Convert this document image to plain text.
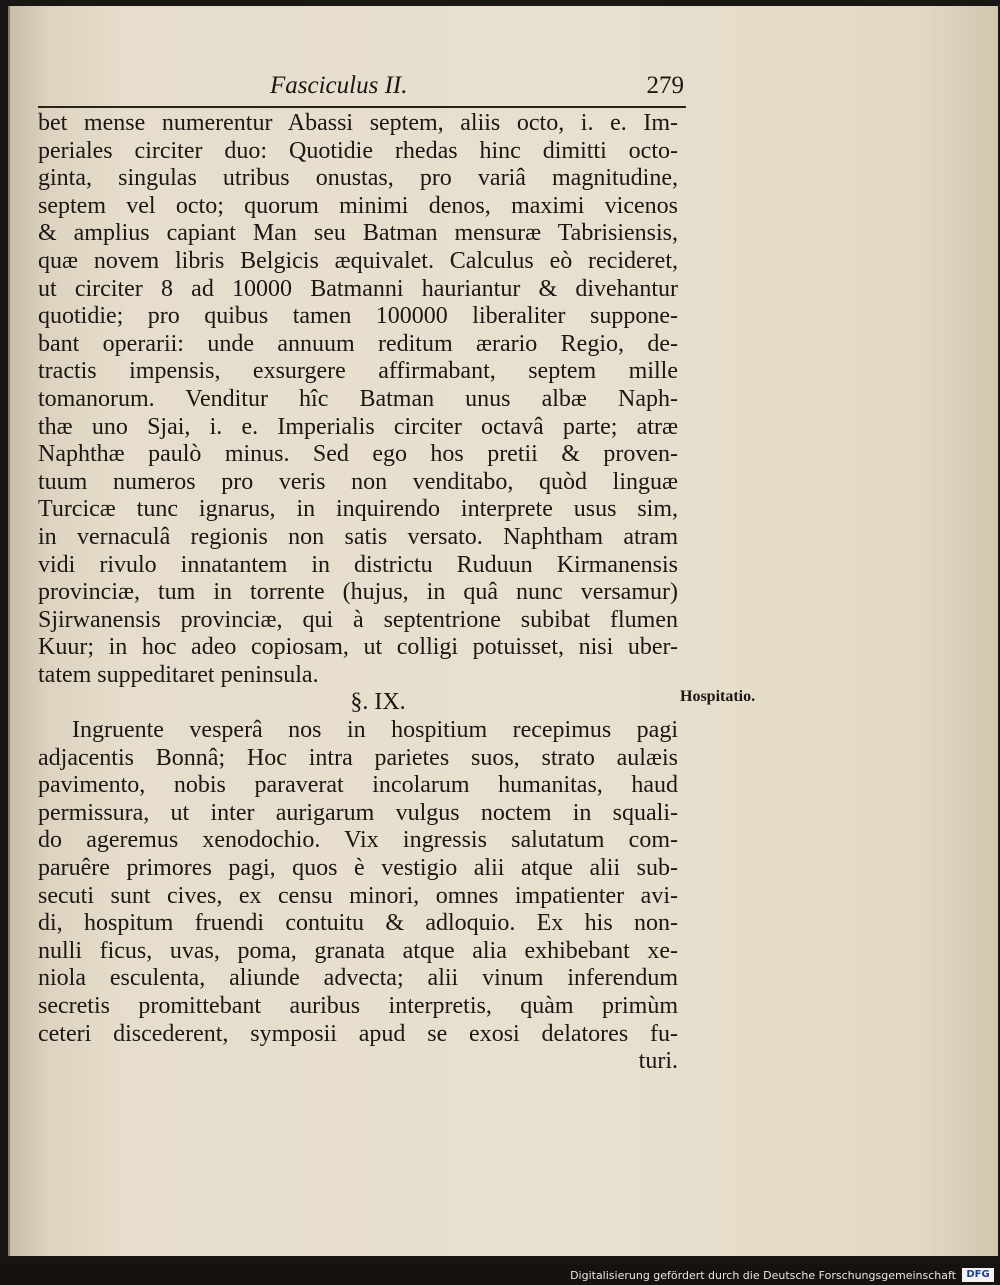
Fasciculus II.	279
bet mense numerentur Abassi septem, aliis octo, i. e. Im-
periales circiter duo: Quotidie rhedas hinc dimitti octo-
ginta, singulas utribus onustas, pro variâ magnitudine,
septem vel octo; quorum minimi denos, maximi vicenos
& amplius capiant Man seu Batman mensuræ Tabrisiensis,
quæ novem libris Belgicis æquivalet. Calculus eò recideret,
ut circiter 8 ad 10000 Batmanni hauriantur & divehantur
quotidie; pro quibus tamen 100000 liberaliter suppone-
bant operarii: unde annuum reditum ærario Regio, de-
tractis impensis, exsurgere affirmabant, septem mille
tomanorum. Venditur hîc Batman unus albæ Naph-
thæ uno Sjai, i. e. Imperialis circiter octavâ parte; atræ
Naphthæ paulò minus. Sed ego hos pretii & proven-
tuum numeros pro veris non venditabo, quòd linguæ
Turcicæ tunc ignarus, in inquirendo interprete usus sim,
in vernaculâ regionis non satis versato. Naphtham atram
vidi rivulo innatantem in districtu Ruduun Kirmanensis
provinciæ, tum in torrente (hujus, in quâ nunc versamur)
Sjirwanensis provinciæ, qui à septentrione subibat flumen
Kuur; in hoc adeo copiosam, ut colligi potuisset, nisi uber-
tatem suppeditaret peninsula.
§. IX.
Ingruente vesperâ nos in hospitium recepimus pagi
adjacentis Bonnâ; Hoc intra parietes suos, strato aulæis
pavimento, nobis paraverat incolarum humanitas, haud
permissura, ut inter aurigarum vulgus noctem in squali-
do ageremus xenodochio. Vix ingressis salutatum com-
paruêre primores pagi, quos è vestigio alii atque alii sub-
secuti sunt cives, ex censu minori, omnes impatienter avi-
di, hospitum fruendi contuitu & adloquio. Ex his non-
nulli ficus, uvas, poma, granata atque alia exhibebant xe-
niola esculenta, aliunde advecta; alii vinum inferendum
secretis promittebant auribus interpretis, quàm primùm
ceteri discederent, symposii apud se exosi delatores fu-
turi.
Hospitatio.
Digitalisierung gefördert durch die Deutsche Forschungsgemeinschaft	DFG
